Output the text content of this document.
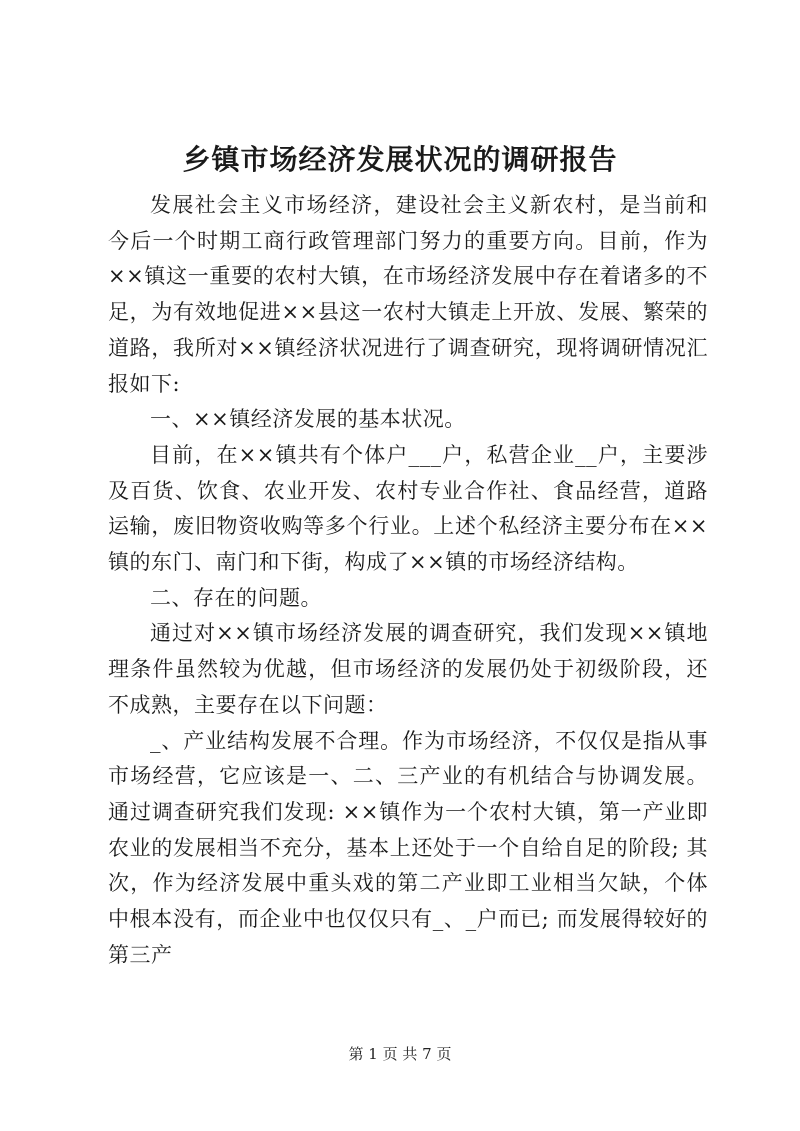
乡镇市场经济发展状况的调研报告

发展社会主义市场经济，建设社会主义新农村，是当前和今后一个时期工商行政管理部门努力的重要方向。目前，作为××镇这一重要的农村大镇，在市场经济发展中存在着诸多的不足，为有效地促进××县这一农村大镇走上开放、发展、繁荣的道路，我所对××镇经济状况进行了调查研究，现将调研情况汇报如下:

一、××镇经济发展的基本状况。

目前，在××镇共有个体户___户，私营企业__户，主要涉及百货、饮食、农业开发、农村专业合作社、食品经营，道路运输，废旧物资收购等多个行业。上述个私经济主要分布在××镇的东门、南门和下街，构成了××镇的市场经济结构。

二、存在的问题。

通过对××镇市场经济发展的调查研究，我们发现××镇地理条件虽然较为优越，但市场经济的发展仍处于初级阶段，还不成熟，主要存在以下问题：

_、产业结构发展不合理。作为市场经济，不仅仅是指从事市场经营，它应该是一、二、三产业的有机结合与协调发展。通过调查研究我们发现: ××镇作为一个农村大镇，第一产业即农业的发展相当不充分，基本上还处于一个自给自足的阶段; 其次，作为经济发展中重头戏的第二产业即工业相当欠缺，个体中根本没有，而企业中也仅仅只有_、_户而已; 而发展得较好的第三产

第 1 页 共 7 页
